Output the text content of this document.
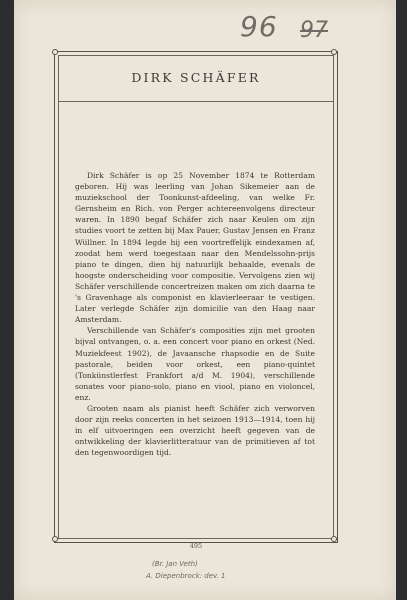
96 97
DIRK SCHÄFER

Dirk Schäfer is op 25 November 1874 te Rotterdam geboren. Hij was leerling van Johan Sikemeier aan de muziekschool der Toonkunst-afdeeling, van welke Fr. Gernsheim en Rich. von Perger achtereenvolgens directeur waren. In 1890 begaf Schäfer zich naar Keulen om zijn studies voort te zetten bij Max Pauer, Gustav Jensen en Franz Wüllner. In 1894 legde hij een voortreffelijk eindexamen af, zoodat hem werd toegestaan naar den Mendelssohn-prijs piano te dingen, dien hij natuurlijk behaalde, evenals de hoogste onderscheiding voor compositie. Vervolgens zien wij Schäfer verschillende concertreizen maken om zich daarna te 's Gravenhage als componist en klavierleeraar te vestigen. Later verlegde Schäfer zijn domicilie van den Haag naar Amsterdam.

Verschillende van Schäfer's composities zijn met grooten bijval ontvangen, o. a. een concert voor piano en orkest (Ned. Muziekfeest 1902), de Javaansche rhapsodie en de Suite pastorale, beiden voor orkest, een piano-quintet (Tonkünstlerfest Frankfort a/d M. 1904), verschillende sonates voor piano-solo, piano en viool, piano en violoncel, enz.

Grooten naam als pianist heeft Schäfer zich verworven door zijn reeks concerten in het seizoen 1913—1914, toen hij in elf uitvoeringen een overzicht heeft gegeven van de ontwikkeling der klavierlitteratuur van de primitieven af tot den tegenwoordigen tijd.

495
(Br. Jan Veth)
A. Diepenbrock: dev. 1
